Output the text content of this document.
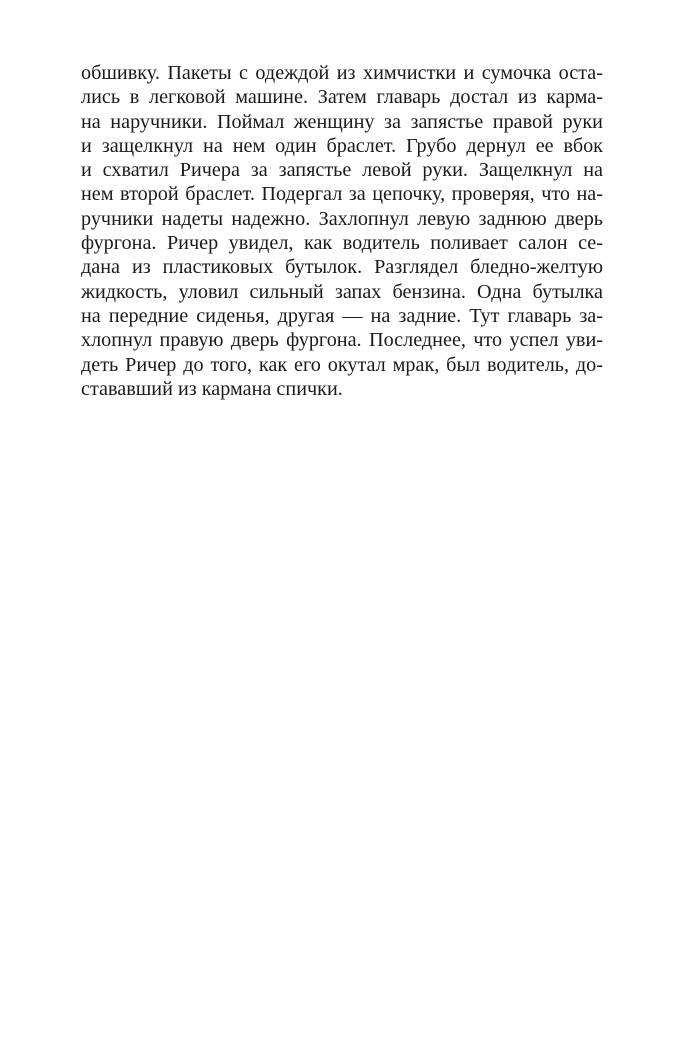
обшивку. Пакеты с одеждой из химчистки и сумочка оста-
лись в легковой машине. Затем главарь достал из карма-
на наручники. Поймал женщину за запястье правой руки
и защелкнул на нем один браслет. Грубо дернул ее вбок
и схватил Ричера за запястье левой руки. Защелкнул на
нем второй браслет. Подергал за цепочку, проверяя, что на-
ручники надеты надежно. Захлопнул левую заднюю дверь
фургона. Ричер увидел, как водитель поливает салон се-
дана из пластиковых бутылок. Разглядел бледно-желтую
жидкость, уловил сильный запах бензина. Одна бутылка
на передние сиденья, другая — на задние. Тут главарь за-
хлопнул правую дверь фургона. Последнее, что успел уви-
деть Ричер до того, как его окутал мрак, был водитель, до-
стававший из кармана спички.
